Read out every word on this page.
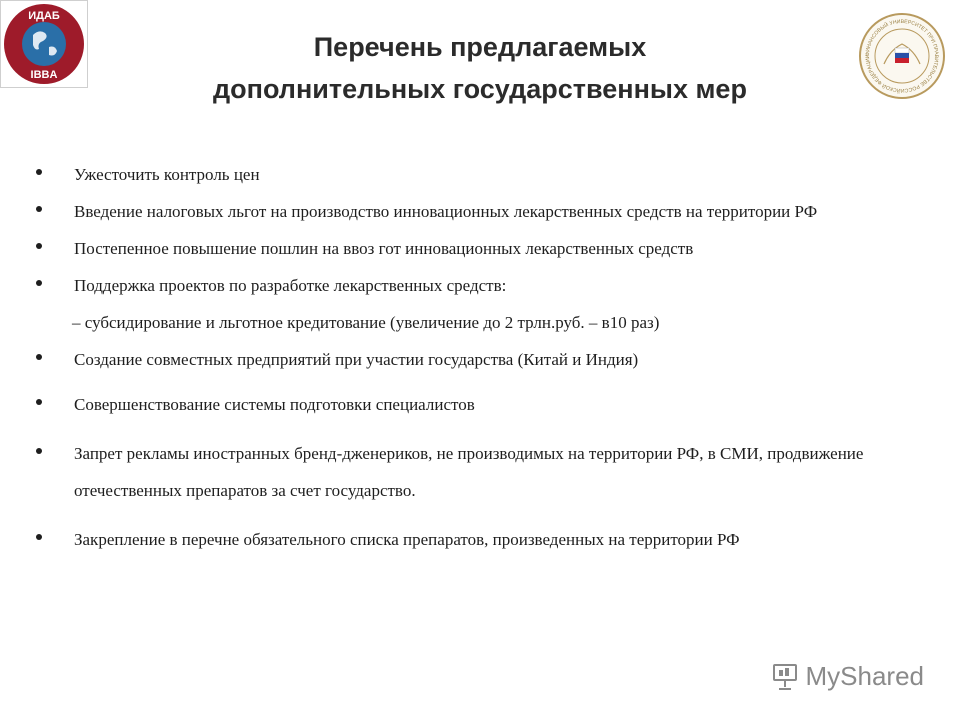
ИДАБ
IBBA
ФИНАНСОВЫЙ УНИВЕРСИТЕТ ПРИ ПРАВИТЕЛЬСТВЕ РОССИЙСКОЙ ФЕДЕРАЦИИ
Перечень предлагаемых
дополнительных государственных мер
Ужесточить контроль цен
Введение налоговых льгот на производство инновационных лекарственных средств на территории РФ
Постепенное повышение пошлин на ввоз гот инновационных лекарственных средств
Поддержка проектов по разработке лекарственных средств:
– субсидирование и льготное кредитование (увеличение до 2 трлн.руб. – в10 раз)
Создание совместных предприятий при участии государства (Китай и Индия)
Совершенствование системы подготовки специалистов
Запрет рекламы иностранных бренд-дженериков, не производимых на территории РФ, в СМИ, продвижение отечественных препаратов за счет государство.
Закрепление в перечне обязательного списка препаратов, произведенных на территории РФ
MyShared
